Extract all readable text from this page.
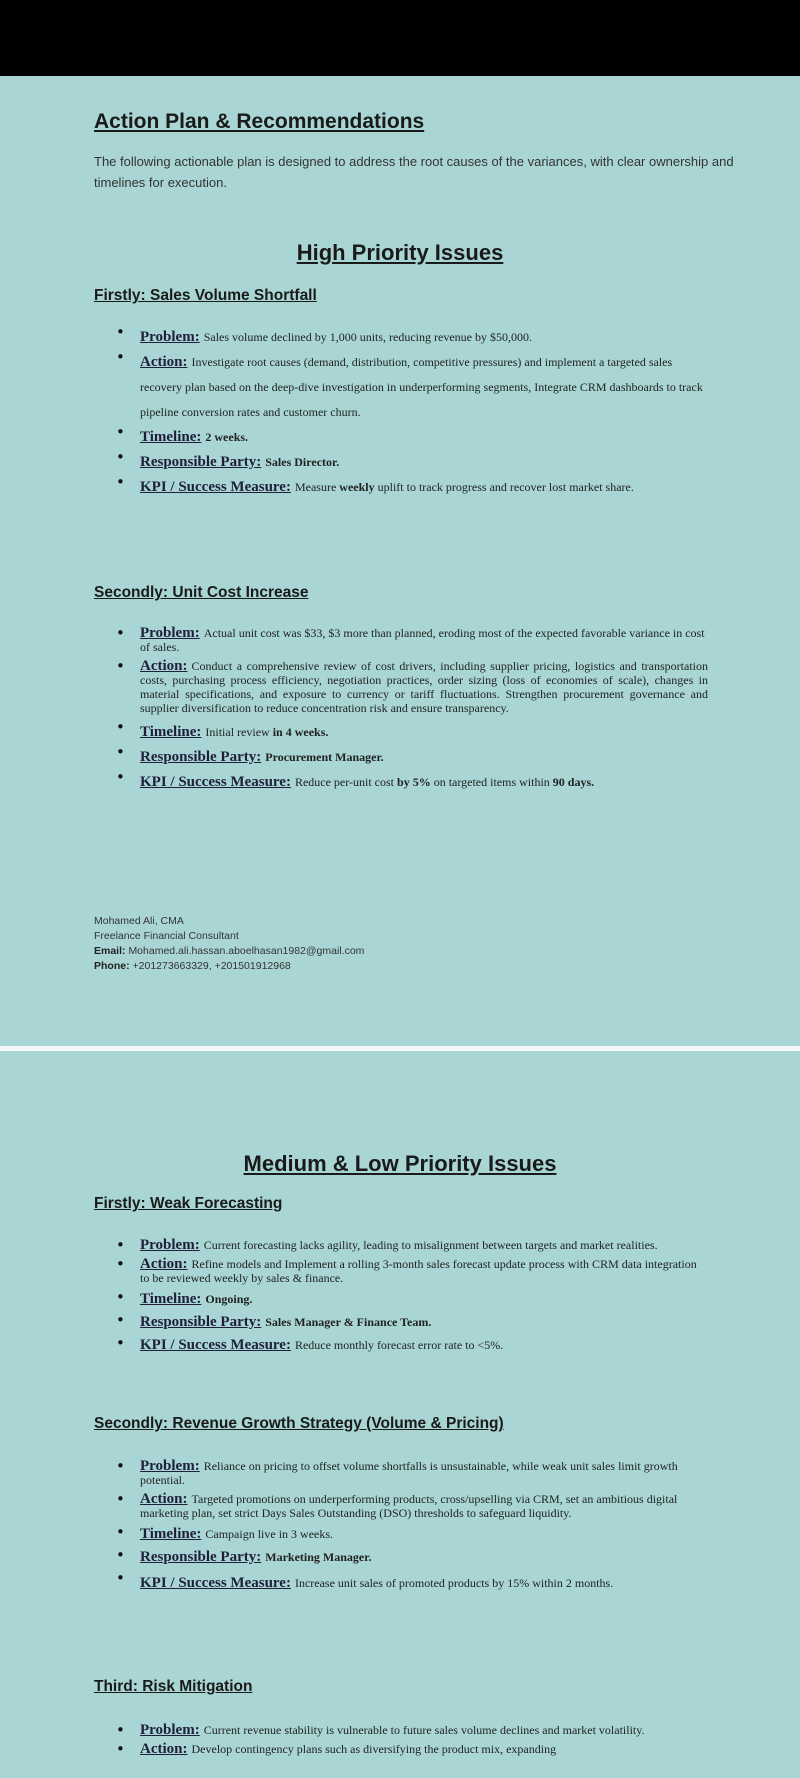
Action Plan & Recommendations
The following actionable plan is designed to address the root causes of the variances, with clear ownership and timelines for execution.
High Priority Issues
Firstly: Sales Volume Shortfall
• Problem: Sales volume declined by 1,000 units, reducing revenue by $50,000.
• Action: Investigate root causes (demand, distribution, competitive pressures) and implement a targeted sales recovery plan based on the deep-dive investigation in underperforming segments, Integrate CRM dashboards to track pipeline conversion rates and customer churn.
• Timeline: 2 weeks.
• Responsible Party: Sales Director.
• KPI / Success Measure: Measure weekly uplift to track progress and recover lost market share.
Secondly: Unit Cost Increase
• Problem: Actual unit cost was $33, $3 more than planned, eroding most of the expected favorable variance in cost of sales.
• Action: Conduct a comprehensive review of cost drivers, including supplier pricing, logistics and transportation costs, purchasing process efficiency, negotiation practices, order sizing (loss of economies of scale), changes in material specifications, and exposure to currency or tariff fluctuations. Strengthen procurement governance and supplier diversification to reduce concentration risk and ensure transparency.
• Timeline: Initial review in 4 weeks.
• Responsible Party: Procurement Manager.
• KPI / Success Measure: Reduce per-unit cost by 5% on targeted items within 90 days.
Mohamed Ali, CMA
Freelance Financial Consultant
Email: Mohamed.ali.hassan.aboelhasan1982@gmail.com
Phone: +201273663329, +201501912968
Medium & Low Priority Issues
Firstly: Weak Forecasting
• Problem: Current forecasting lacks agility, leading to misalignment between targets and market realities.
• Action: Refine models and Implement a rolling 3-month sales forecast update process with CRM data integration to be reviewed weekly by sales & finance.
• Timeline: Ongoing.
• Responsible Party: Sales Manager & Finance Team.
• KPI / Success Measure: Reduce monthly forecast error rate to <5%.
Secondly: Revenue Growth Strategy (Volume & Pricing)
• Problem: Reliance on pricing to offset volume shortfalls is unsustainable, while weak unit sales limit growth potential.
• Action: Targeted promotions on underperforming products, cross/upselling via CRM, set an ambitious digital marketing plan, set strict Days Sales Outstanding (DSO) thresholds to safeguard liquidity.
• Timeline: Campaign live in 3 weeks.
• Responsible Party: Marketing Manager.
• KPI / Success Measure: Increase unit sales of promoted products by 15% within 2 months.
Third: Risk Mitigation
• Problem: Current revenue stability is vulnerable to future sales volume declines and market volatility.
• Action: Develop contingency plans such as diversifying the product mix, expanding
